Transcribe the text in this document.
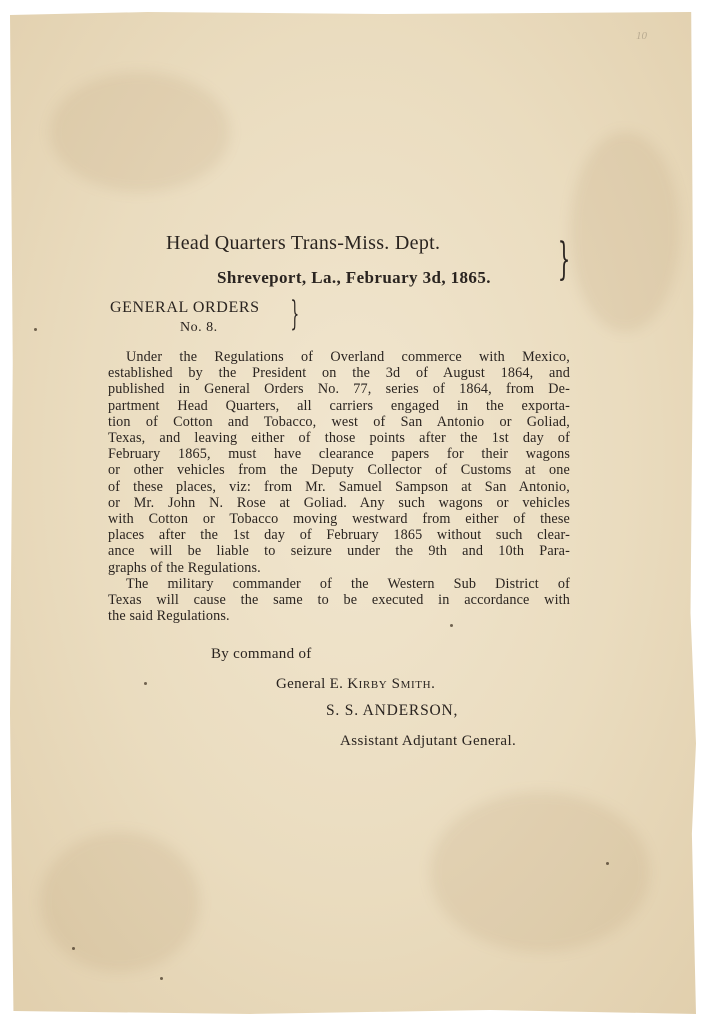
10
Head Quarters Trans-Miss. Dept.
Shreveport, La., February 3d, 1865. }
GENERAL ORDERS
No. 8. }
Under the Regulations of Overland commerce with Mexico,
established by the President on the 3d of August 1864, and
published in General Orders No. 77, series of 1864, from De-
partment Head Quarters, all carriers engaged in the exporta-
tion of Cotton and Tobacco, west of San Antonio or Goliad,
Texas, and leaving either of those points after the 1st day of
February 1865, must have clearance papers for their wagons
or other vehicles from the Deputy Collector of Customs at one
of these places, viz: from Mr. Samuel Sampson at San Antonio,
or Mr. John N. Rose at Goliad. Any such wagons or vehicles
with Cotton or Tobacco moving westward from either of these
places after the 1st day of February 1865 without such clear-
ance will be liable to seizure under the 9th and 10th Para-
graphs of the Regulations.
The military commander of the Western Sub District of
Texas will cause the same to be executed in accordance with
the said Regulations.
By command of
General E. Kirby Smith.
S. S. ANDERSON,
Assistant Adjutant General.
